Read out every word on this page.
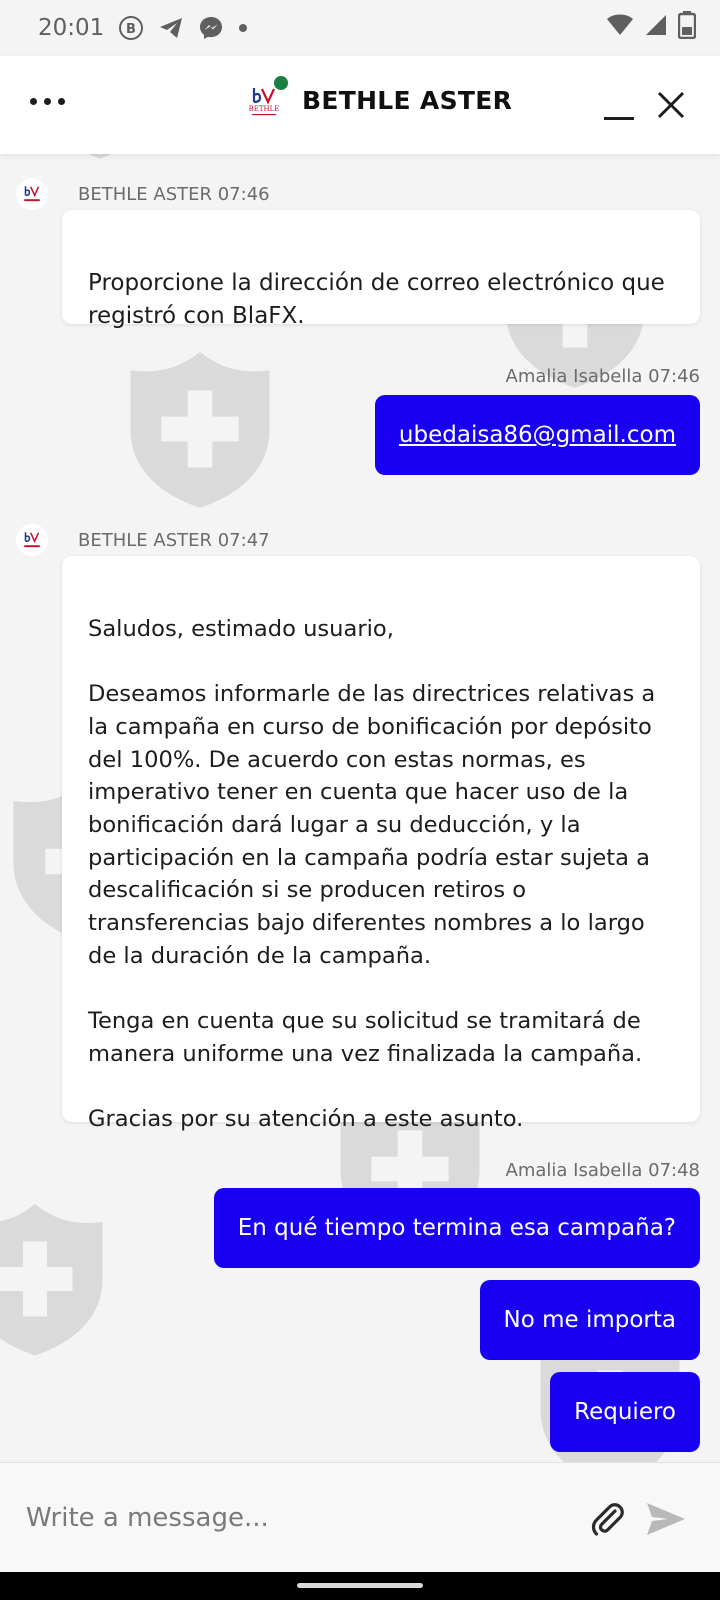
20:01 B
BETHLE BETHLE ASTER
BETHLE ASTER 07:46

Proporcione la dirección de correo electrónico que registró con BlaFX.

Amalia Isabella 07:46
ubedaisa86@gmail.com
BETHLE ASTER 07:47

Saludos, estimado usuario,

Deseamos informarle de las directrices relativas a la campaña en curso de bonificación por depósito del 100%. De acuerdo con estas normas, es imperativo tener en cuenta que hacer uso de la bonificación dará lugar a su deducción, y la participación en la campaña podría estar sujeta a descalificación si se producen retiros o transferencias bajo diferentes nombres a lo largo de la duración de la campaña.

Tenga en cuenta que su solicitud se tramitará de manera uniforme una vez finalizada la campaña.

Gracias por su atención a este asunto.

Amalia Isabella 07:48
En qué tiempo termina esa campaña?
No me importa
Requiero
Write a message...
